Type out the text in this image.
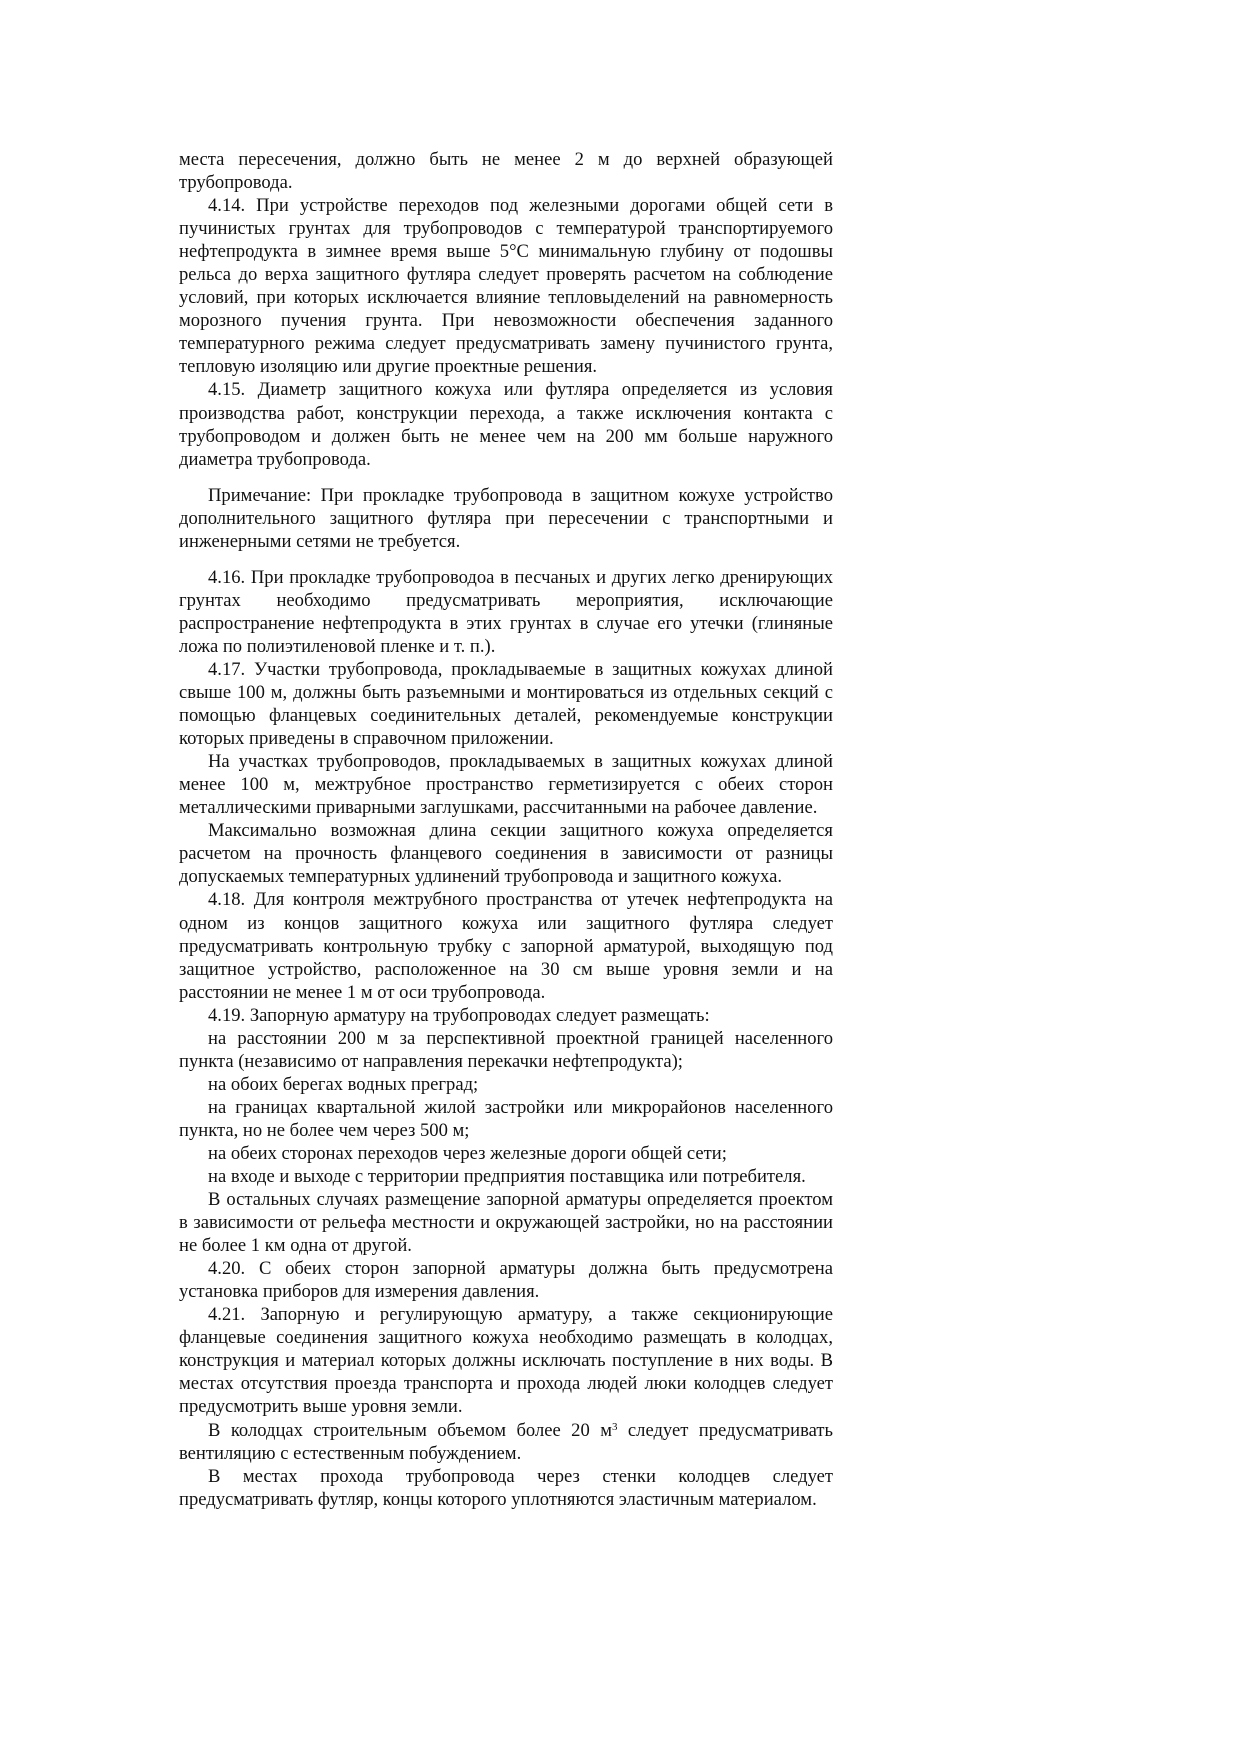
места пересечения, должно быть не менее 2 м до верхней образующей трубопровода.

4.14. При устройстве переходов под железными дорогами общей сети в пучинистых грунтах для трубопроводов с температурой транспортируемого нефтепродукта в зимнее время выше 5°С минимальную глубину от подошвы рельса до верха защитного футляра следует проверять расчетом на соблюдение условий, при которых исключается влияние тепловыделений на равномерность морозного пучения грунта. При невозможности обеспечения заданного температурного режима следует предусматривать замену пучинистого грунта, тепловую изоляцию или другие проектные решения.

4.15. Диаметр защитного кожуха или футляра определяется из условия производства работ, конструкции перехода, а также исключения контакта с трубопроводом и должен быть не менее чем на 200 мм больше наружного диаметра трубопровода.

Примечание: При прокладке трубопровода в защитном кожухе устройство дополнительного защитного футляра при пересечении с транспортными и инженерными сетями не требуется.

4.16. При прокладке трубопроводоа в песчаных и других легко дренирующих грунтах необходимо предусматривать мероприятия, исключающие распространение нефтепродукта в этих грунтах в случае его утечки (глиняные ложа по полиэтиленовой пленке и т. п.).

4.17. Участки трубопровода, прокладываемые в защитных кожухах длиной свыше 100 м, должны быть разъемными и монтироваться из отдельных секций с помощью фланцевых соединительных деталей, рекомендуемые конструкции которых приведены в справочном приложении.

На участках трубопроводов, прокладываемых в защитных кожухах длиной менее 100 м, межтрубное пространство герметизируется с обеих сторон металлическими приварными заглушками, рассчитанными на рабочее давление.

Максимально возможная длина секции защитного кожуха определяется расчетом на прочность фланцевого соединения в зависимости от разницы допускаемых температурных удлинений трубопровода и защитного кожуха.

4.18. Для контроля межтрубного пространства от утечек нефтепродукта на одном из концов защитного кожуха или защитного футляра следует предусматривать контрольную трубку с запорной арматурой, выходящую под защитное устройство, расположенное на 30 см выше уровня земли и на расстоянии не менее 1 м от оси трубопровода.

4.19. Запорную арматуру на трубопроводах следует размещать:

на расстоянии 200 м за перспективной проектной границей населенного пункта (независимо от направления перекачки нефтепродукта);

на обоих берегах водных преград;

на границах квартальной жилой застройки или микрорайонов населенного пункта, но не более чем через 500 м;

на обеих сторонах переходов через железные дороги общей сети;

на входе и выходе с территории предприятия поставщика или потребителя.

В остальных случаях размещение запорной арматуры определяется проектом в зависимости от рельефа местности и окружающей застройки, но на расстоянии не более 1 км одна от другой.

4.20. С обеих сторон запорной арматуры должна быть предусмотрена установка приборов для измерения давления.

4.21. Запорную и регулирующую арматуру, а также секционирующие фланцевые соединения защитного кожуха необходимо размещать в колодцах, конструкция и материал которых должны исключать поступление в них воды. В местах отсутствия проезда транспорта и прохода людей люки колодцев следует предусмотрить выше уровня земли.

В колодцах строительным объемом более 20 $м^3$ следует предусматривать вентиляцию с естественным побуждением.

В местах прохода трубопровода через стенки колодцев следует предусматривать футляр, концы которого уплотняются эластичным материалом.
